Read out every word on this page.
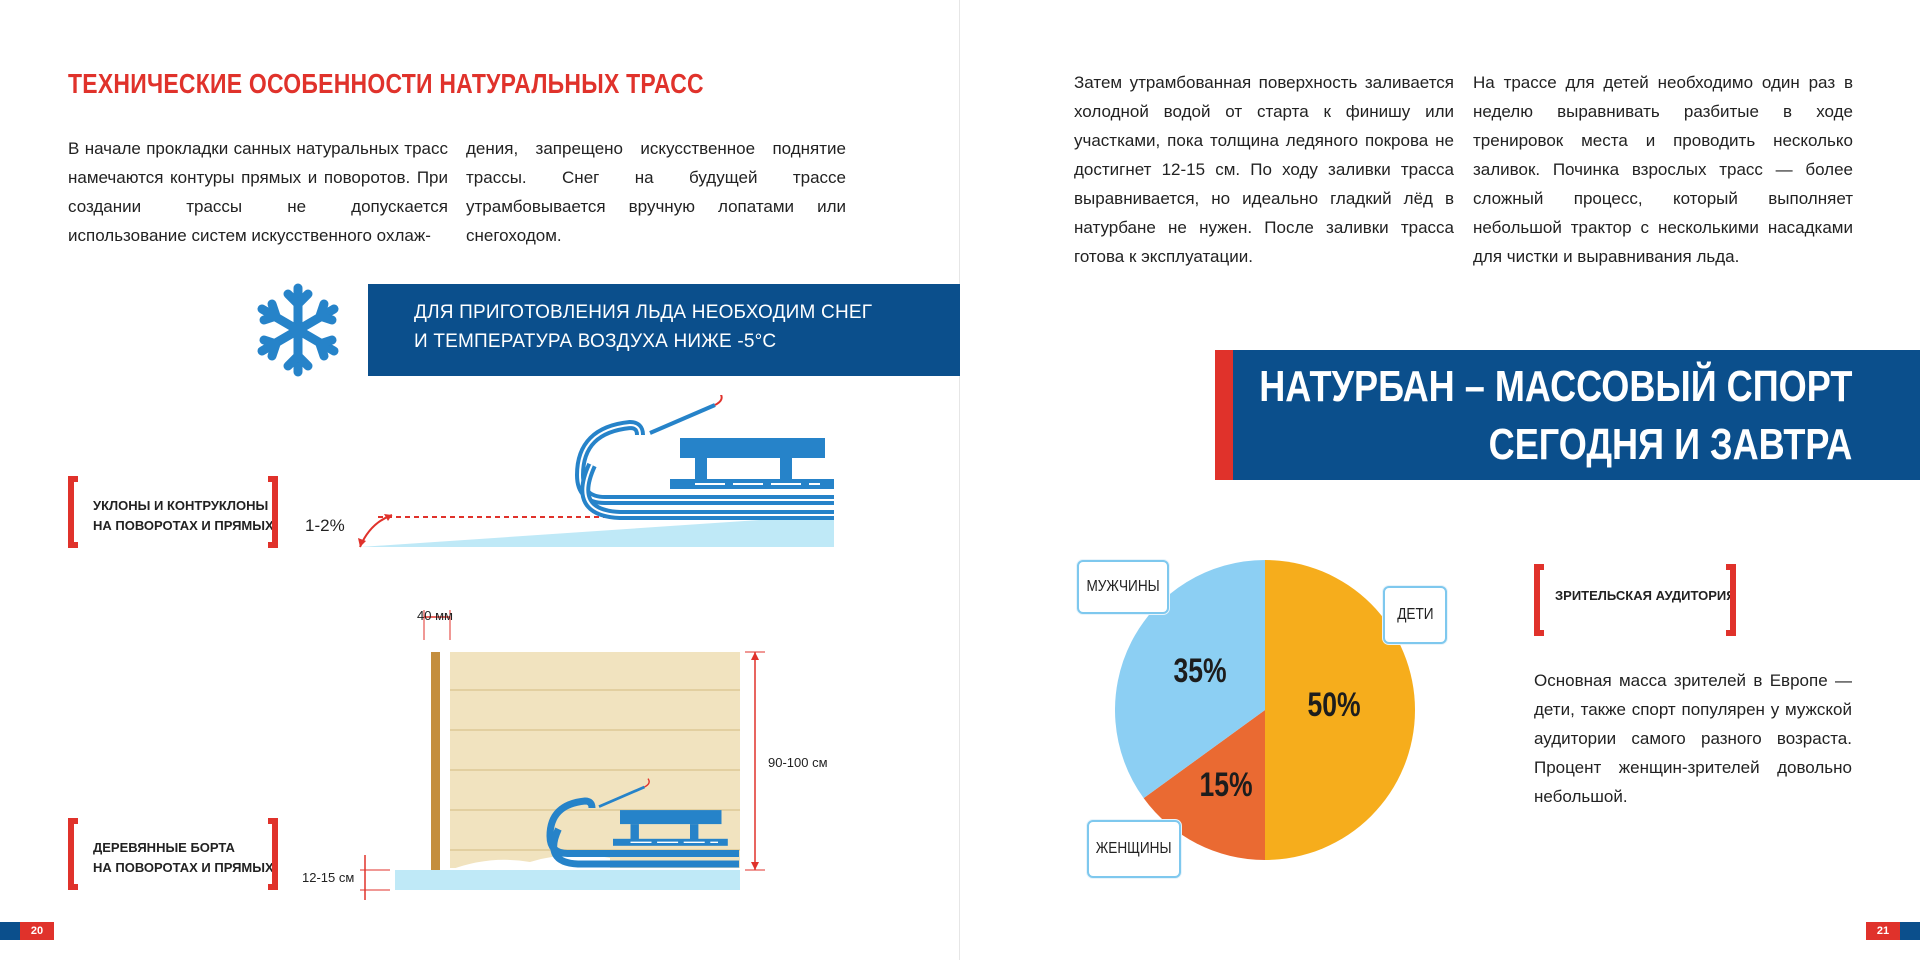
ТЕХНИЧЕСКИЕ ОСОБЕННОСТИ НАТУРАЛЬНЫХ ТРАСС

В начале прокладки санных натуральных трасс намечаются контуры прямых и поворотов. При создании трассы не допускается использование систем искусственного охлаж-

дения, запрещено искусственное поднятие трассы. Снег на будущей трассе утрамбовывается вручную лопатами или снегоходом.

ДЛЯ ПРИГОТОВЛЕНИЯ ЛЬДА НЕОБХОДИМ СНЕГ
И ТЕМПЕРАТУРА ВОЗДУХА НИЖЕ -5°С
1-2%
УКЛОНЫ И КОНТРУКЛОНЫ
НА ПОВОРОТАХ И ПРЯМЫХ
40 мм
90-100 см
12-15 см
ДЕРЕВЯННЫЕ БОРТА
НА ПОВОРОТАХ И ПРЯМЫХ
20

Затем утрамбованная поверхность заливается холодной водой от старта к финишу или участками, пока толщина ледяного покрова не достигнет 12-15 см. По ходу заливки трасса выравнивается, но идеально гладкий лёд в натурбане не нужен. После заливки трасса готова к эксплуатации.

На трассе для детей необходимо один раз в неделю выравнивать разбитые в ходе тренировок места и проводить несколько заливок. Починка взрослых трасс — более сложный процесс, который выполняет небольшой трактор с несколькими насадками для чистки и выравнивания льда.

НАТУРБАН – МАССОВЫЙ СПОРТ
СЕГОДНЯ И ЗАВТРА
50%
15%
35%
МУЖЧИНЫ
ДЕТИ
ЖЕНЩИНЫ
ЗРИТЕЛЬСКАЯ АУДИТОРИЯ

Основная масса зрителей в Европе — дети, также спорт популярен у мужской аудитории самого разного возраста. Процент женщин-зрителей довольно небольшой.

21
